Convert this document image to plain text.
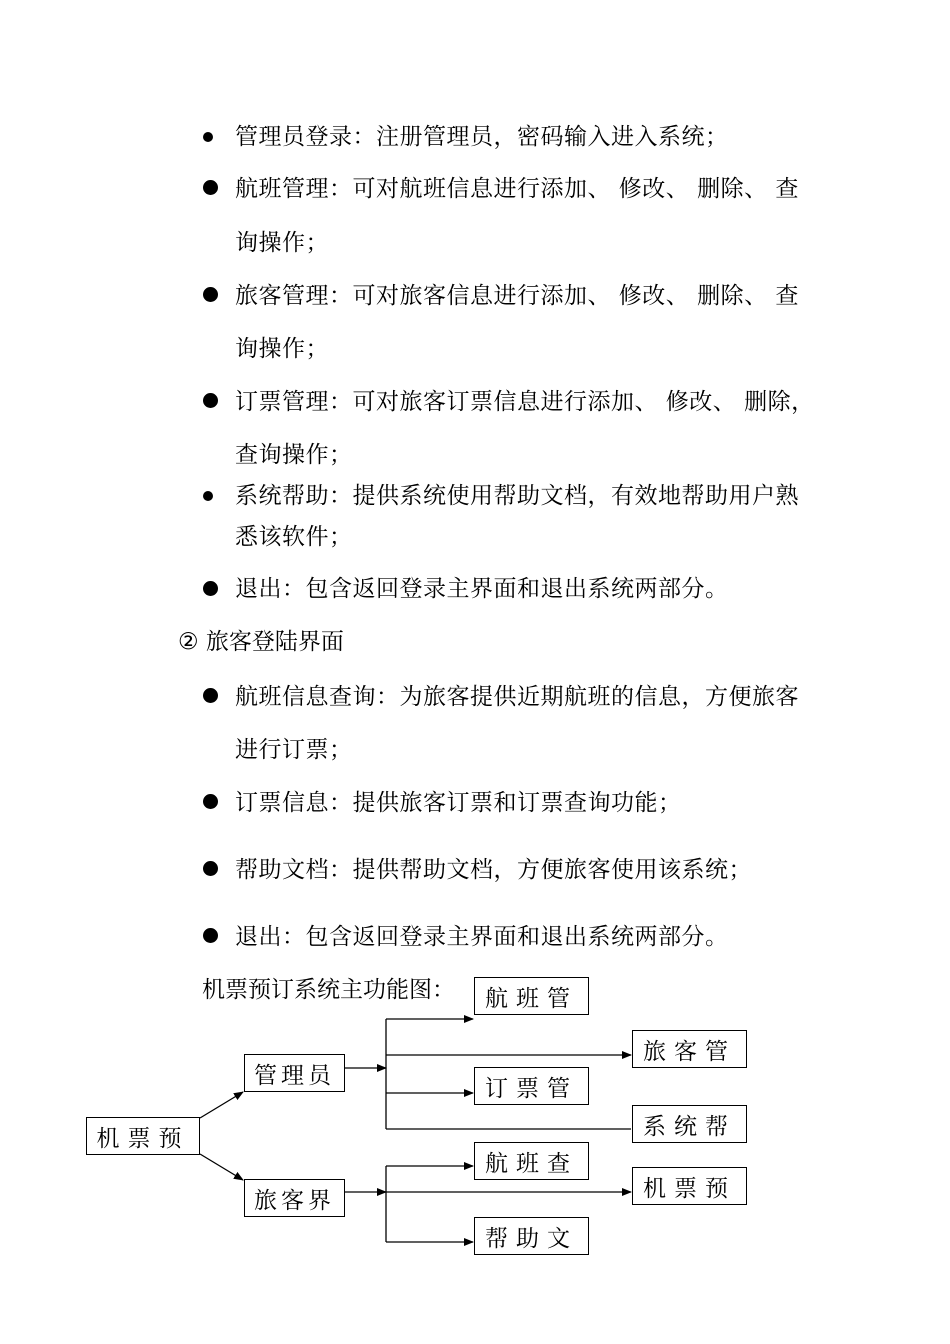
管理员登录：注册管理员，密码输入进入系统；
航班管理：可对航班信息进行添加、 修改、 删除、 查
询操作；
旅客管理：可对旅客信息进行添加、 修改、 删除、 查
询操作；
订票管理：可对旅客订票信息进行添加、 修改、 删除，
查询操作；
系统帮助：提供系统使用帮助文档，有效地帮助用户熟
悉该软件；
退出：包含返回登录主界面和退出系统两部分。
② 旅客登陆界面
航班信息查询：为旅客提供近期航班的信息，方便旅客
进行订票；
订票信息：提供旅客订票和订票查询功能；
帮助文档：提供帮助文档，方便旅客使用该系统；
退出：包含返回登录主界面和退出系统两部分。
机票预订系统主功能图：
机票预
管理员
旅客界
航班管
旅客管
订票管
系统帮
航班查
机票预
帮助文
